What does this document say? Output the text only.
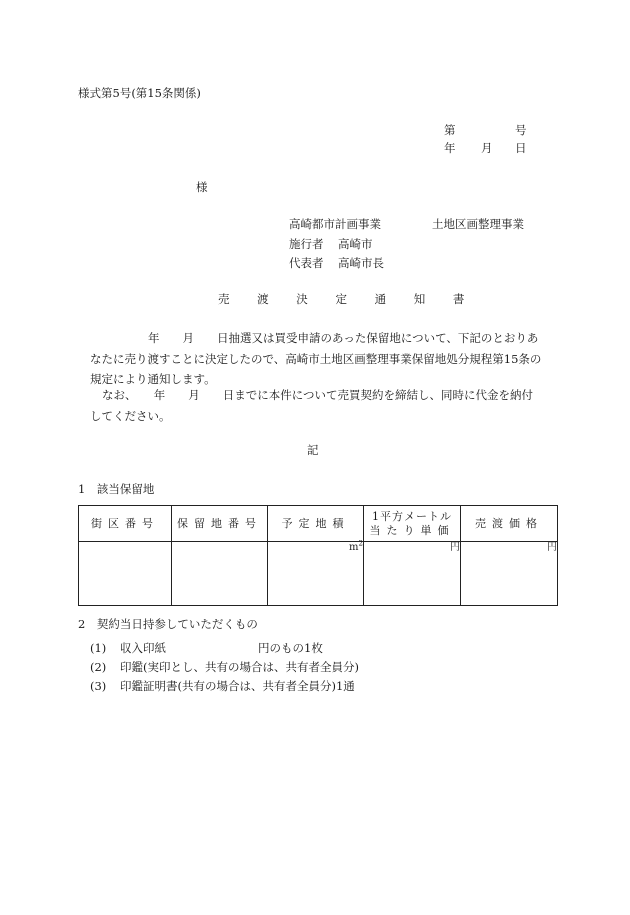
様式第5号(第15条関係)
第	号
年 月 日
様
高崎都市計画事業	土地区画整理事業
施行者 高崎市
代表者 高崎市長
売 渡 決 定 通 知 書

年　　月　　日抽選又は買受申請のあった保留地について、下記のとおりあ

なたに売り渡すことに決定したので、高崎市土地区画整理事業保留地処分規程第15条の

規定により通知します。

なお、　　年　　月　　日までに本件について売買契約を締結し、同時に代金を納付

してください。

記
1　該当保留地
街区番号	保留地番号	予定地積	1平方メートル
当たり単価	売渡価格
		$m^2$	円	円
2　契約当日持参していただくもの
(1) 収入印紙　　　　　　　　円のもの1枚
(2) 印鑑(実印とし、共有の場合は、共有者全員分)
(3) 印鑑証明書(共有の場合は、共有者全員分)1通
